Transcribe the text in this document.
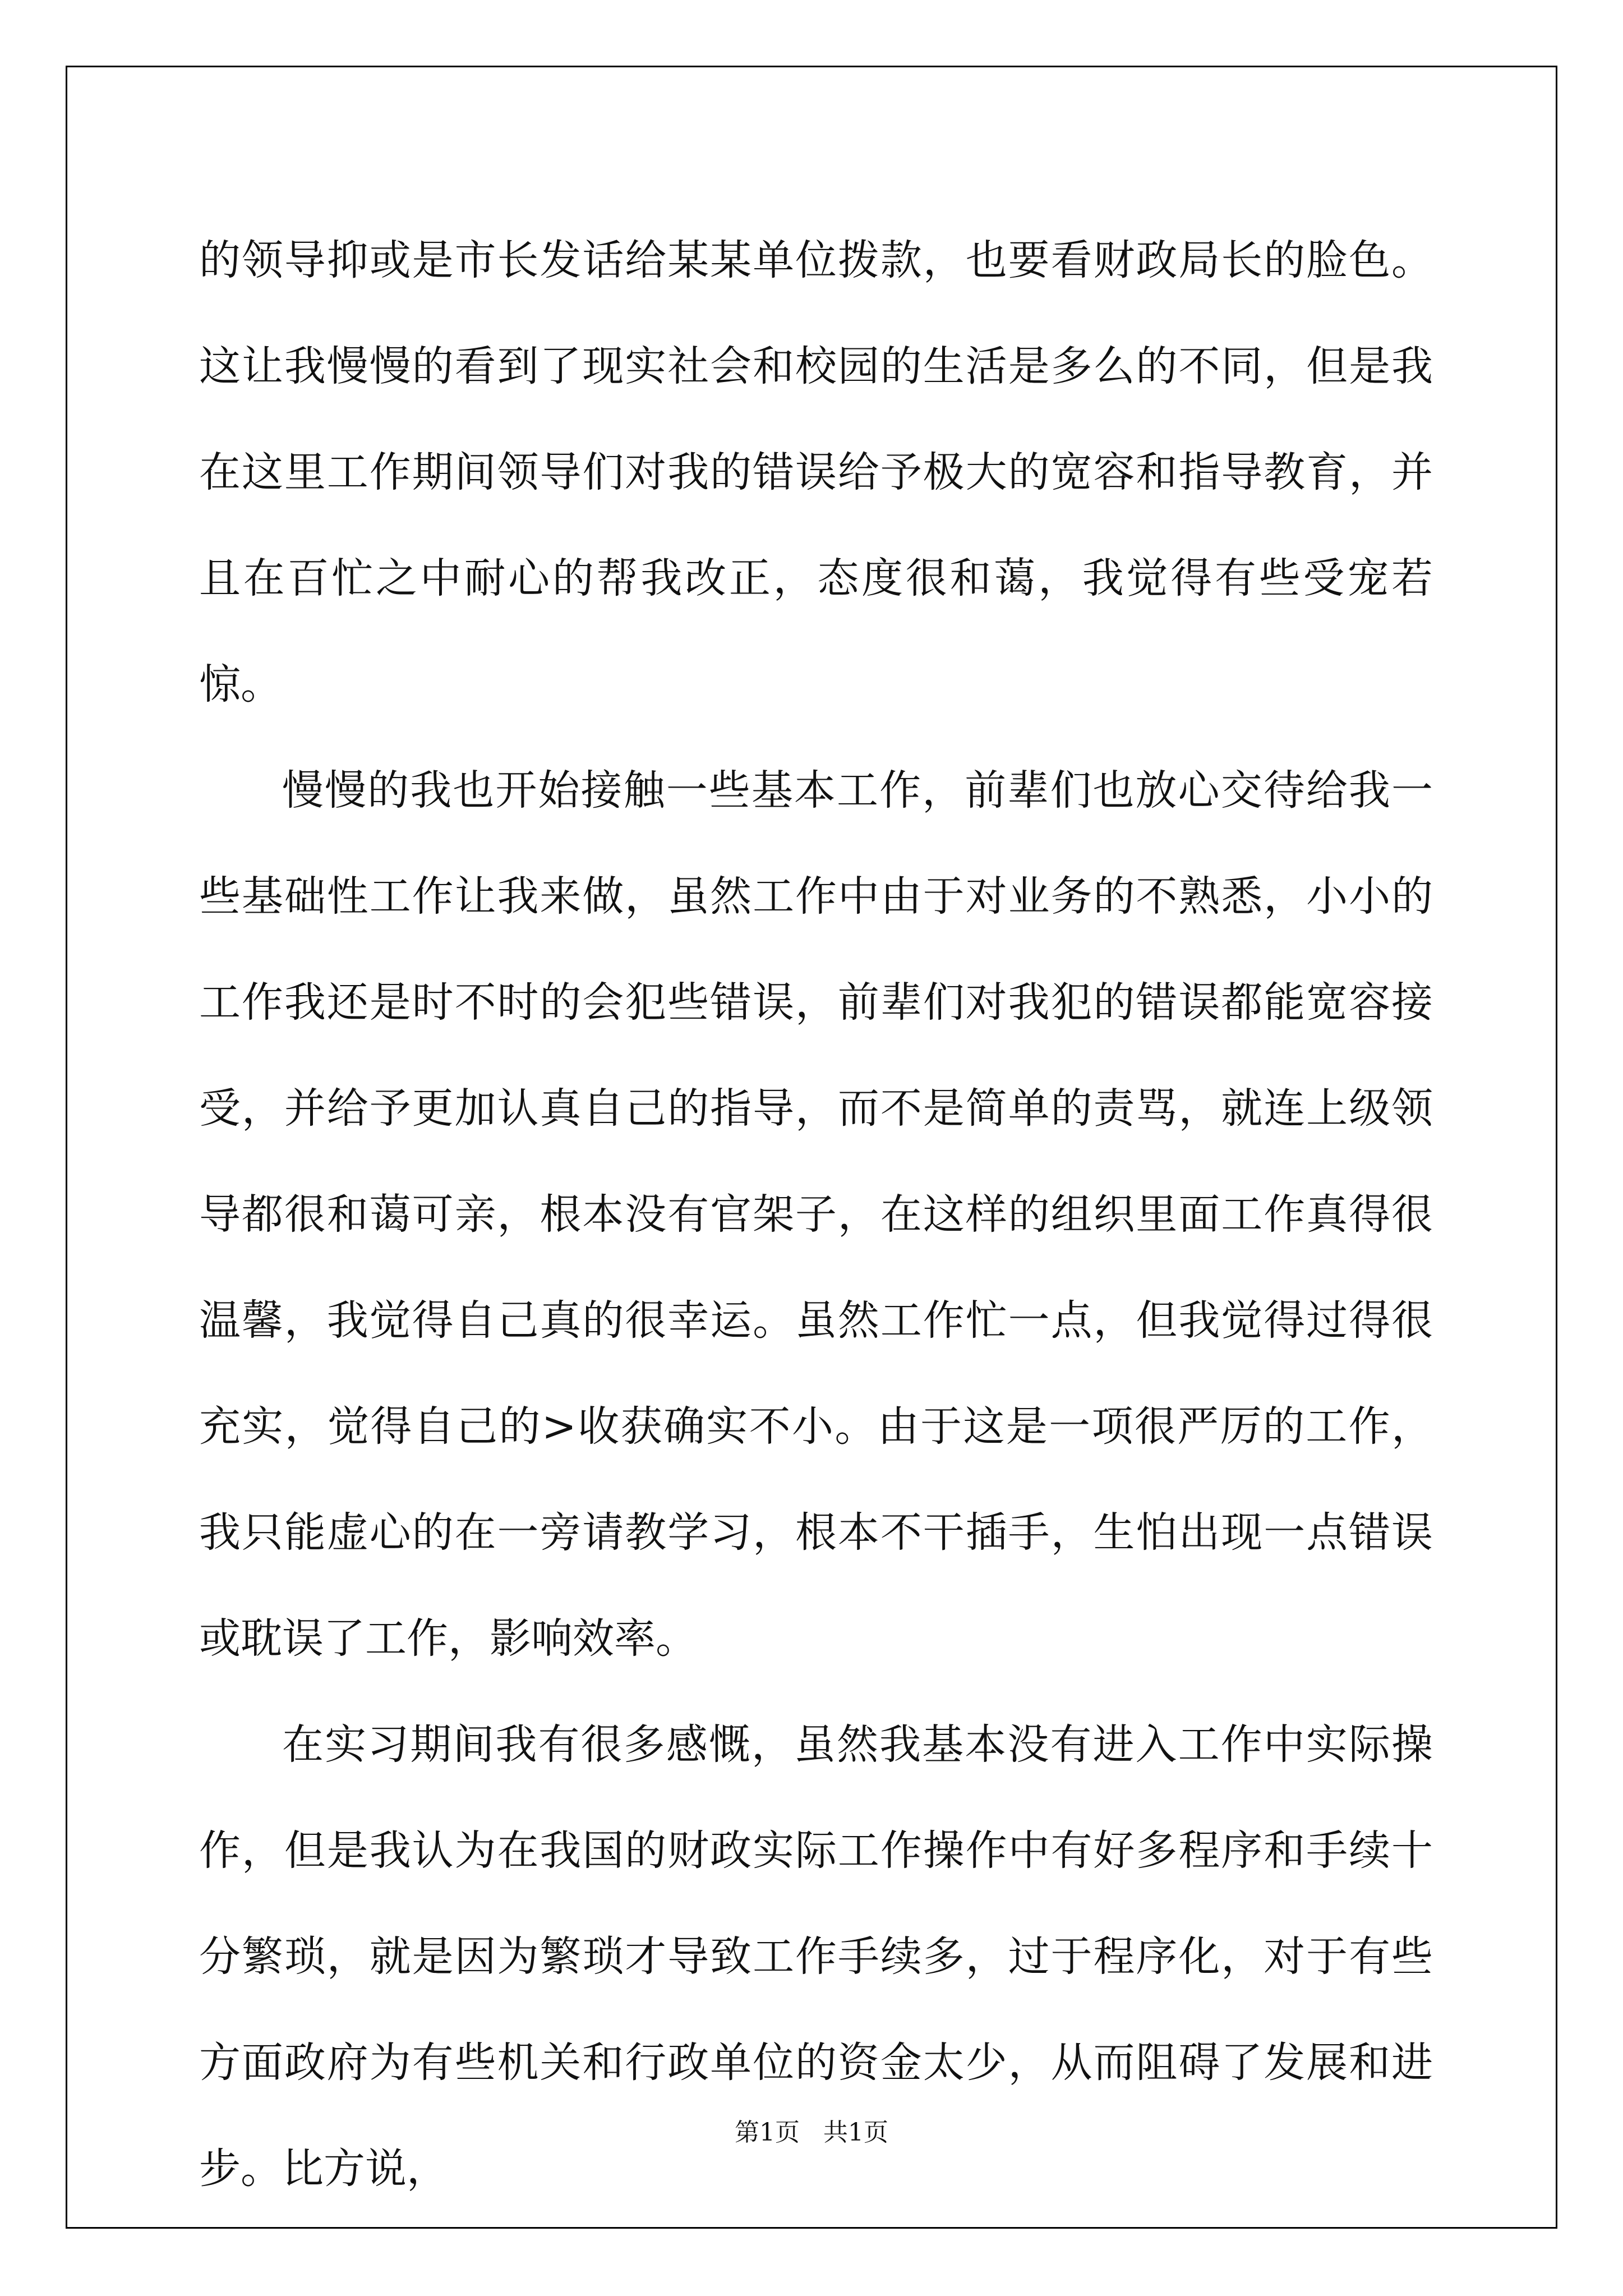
的领导抑或是市长发话给某某单位拨款，也要看财政局长的脸色。这让我慢慢的看到了现实社会和校园的生活是多么的不同，但是我在这里工作期间领导们对我的错误给予极大的宽容和指导教育，并且在百忙之中耐心的帮我改正，态度很和蔼，我觉得有些受宠若惊。

慢慢的我也开始接触一些基本工作，前辈们也放心交待给我一些基础性工作让我来做，虽然工作中由于对业务的不熟悉，小小的工作我还是时不时的会犯些错误，前辈们对我犯的错误都能宽容接受，并给予更加认真自己的指导，而不是简单的责骂，就连上级领导都很和蔼可亲，根本没有官架子，在这样的组织里面工作真得很温馨，我觉得自己真的很幸运。虽然工作忙一点，但我觉得过得很充实，觉得自己的>收获确实不小。由于这是一项很严厉的工作，我只能虚心的在一旁请教学习，根本不干插手，生怕出现一点错误或耽误了工作，影响效率。

在实习期间我有很多感慨，虽然我基本没有进入工作中实际操作，但是我认为在我国的财政实际工作操作中有好多程序和手续十分繁琐，就是因为繁琐才导致工作手续多，过于程序化，对于有些方面政府为有些机关和行政单位的资金太少，从而阻碍了发展和进步。比方说，

第1页   共1页
